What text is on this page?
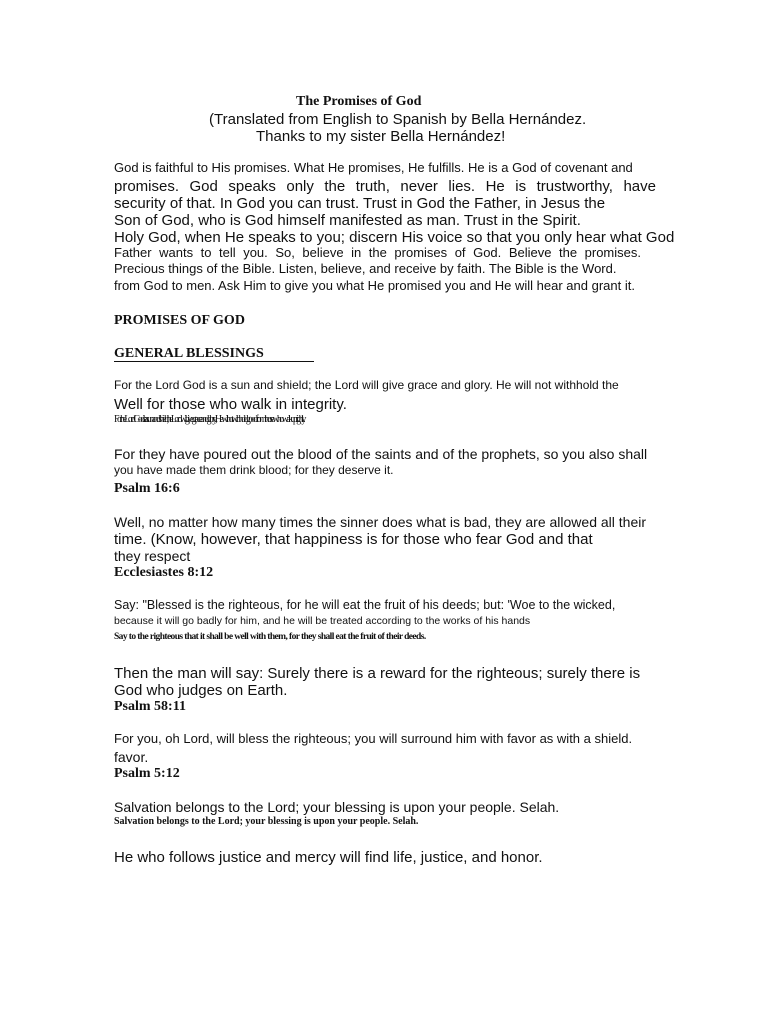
The Promises of God

(Translated from English to Spanish by Bella Hernández.

Thanks to my sister Bella Hernández!

God is faithful to His promises. What He promises, He fulfills. He is a God of covenant and

promises. God speaks only the truth, never lies. He is trustworthy, have

security of that. In God you can trust. Trust in God the Father, in Jesus the

Son of God, who is God himself manifested as man. Trust in the Spirit.

Holy God, when He speaks to you; discern His voice so that you only hear what God

Father wants to tell you. So, believe in the promises of God. Believe the promises.

Precious things of the Bible. Listen, believe, and receive by faith. The Bible is the Word.

from God to men. Ask Him to give you what He promised you and He will hear and grant it.

PROMISES OF GOD

GENERAL BLESSINGS

For the Lord God is a sun and shield; the Lord will give grace and glory. He will not withhold the

Well for those who walk in integrity.

For the Lord God is a sun and shield; the Lord will give grace and glory; He will not withhold good from those who walk uprightly.

For they have poured out the blood of the saints and of the prophets, so you also shall

you have made them drink blood; for they deserve it.

Psalm 16:6

Well, no matter how many times the sinner does what is bad, they are allowed all their

time. (Know, however, that happiness is for those who fear God and that

they respect

Ecclesiastes 8:12

Say: "Blessed is the righteous, for he will eat the fruit of his deeds; but: 'Woe to the wicked,

because it will go badly for him, and he will be treated according to the works of his hands

Say to the righteous that it shall be well with them, for they shall eat the fruit of their deeds.

Then the man will say: Surely there is a reward for the righteous; surely there is

God who judges on Earth.

Psalm 58:11

For you, oh Lord, will bless the righteous; you will surround him with favor as with a shield.

favor.

Psalm 5:12

Salvation belongs to the Lord; your blessing is upon your people. Selah.

Salvation belongs to the Lord; your blessing is upon your people. Selah.

He who follows justice and mercy will find life, justice, and honor.
